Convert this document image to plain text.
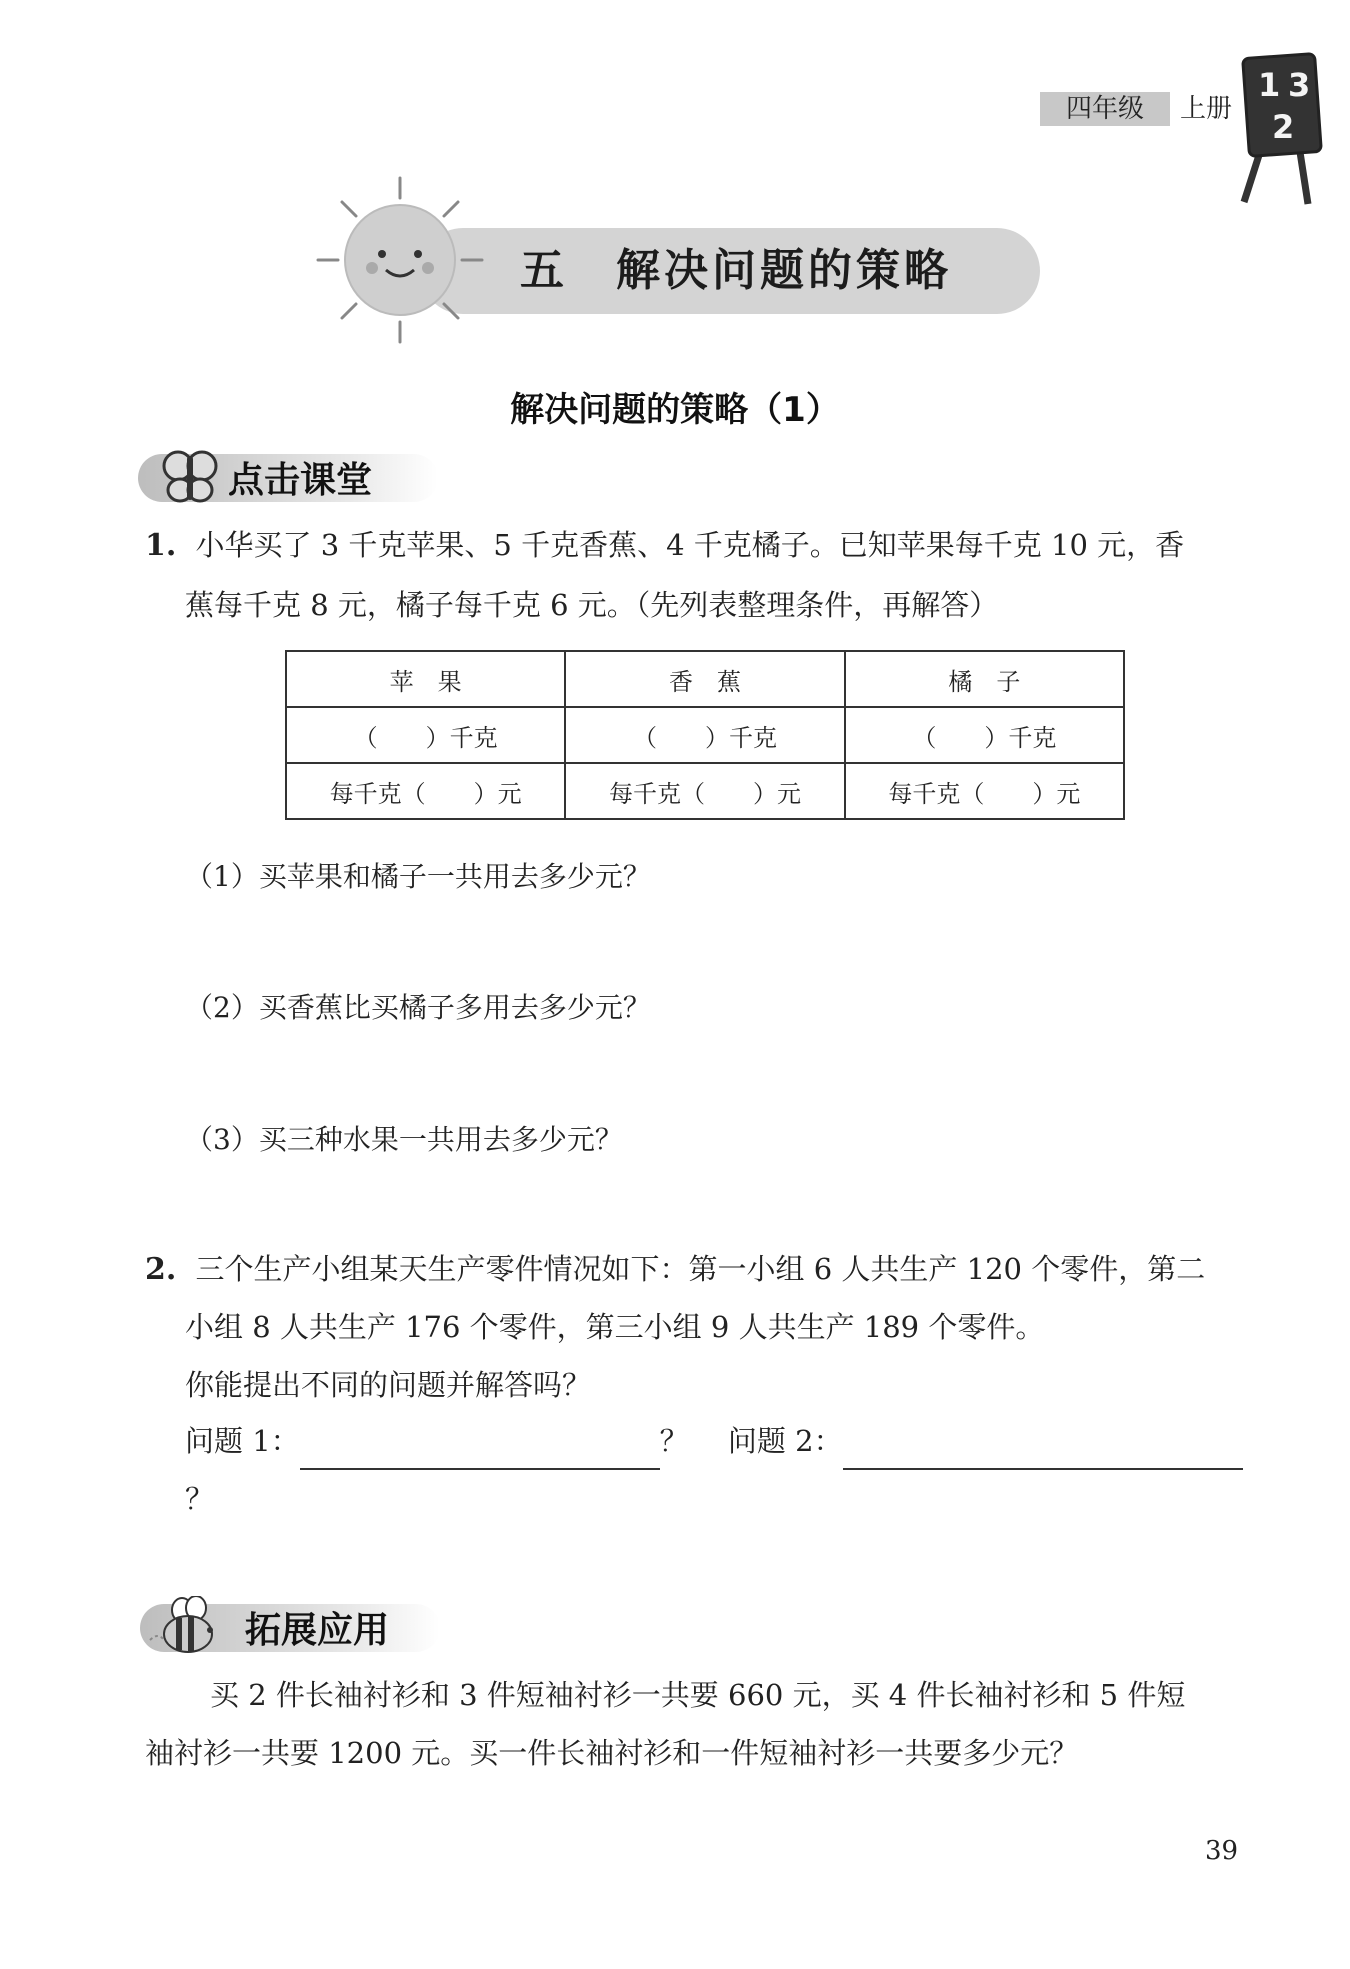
四年级	上册
1 3
2
五　解决问题的策略
解决问题的策略（1）
点击课堂
1. 小华买了 3 千克苹果、5 千克香蕉、4 千克橘子。已知苹果每千克 10 元，香
蕉每千克 8 元，橘子每千克 6 元。（先列表整理条件，再解答）
苹　果	香　蕉	橘　子
（　　）千克	（　　）千克	（　　）千克
每千克（　　）元	每千克（　　）元	每千克（　　）元
（1）买苹果和橘子一共用去多少元？
（2）买香蕉比买橘子多用去多少元？
（3）买三种水果一共用去多少元？
2. 三个生产小组某天生产零件情况如下：第一小组 6 人共生产 120 个零件，第二
小组 8 人共生产 176 个零件，第三小组 9 人共生产 189 个零件。
你能提出不同的问题并解答吗？
问题 1：	？ 问题 2：？
拓展应用
买 2 件长袖衬衫和 3 件短袖衬衫一共要 660 元，买 4 件长袖衬衫和 5 件短
袖衬衫一共要 1200 元。买一件长袖衬衫和一件短袖衬衫一共要多少元？
39
